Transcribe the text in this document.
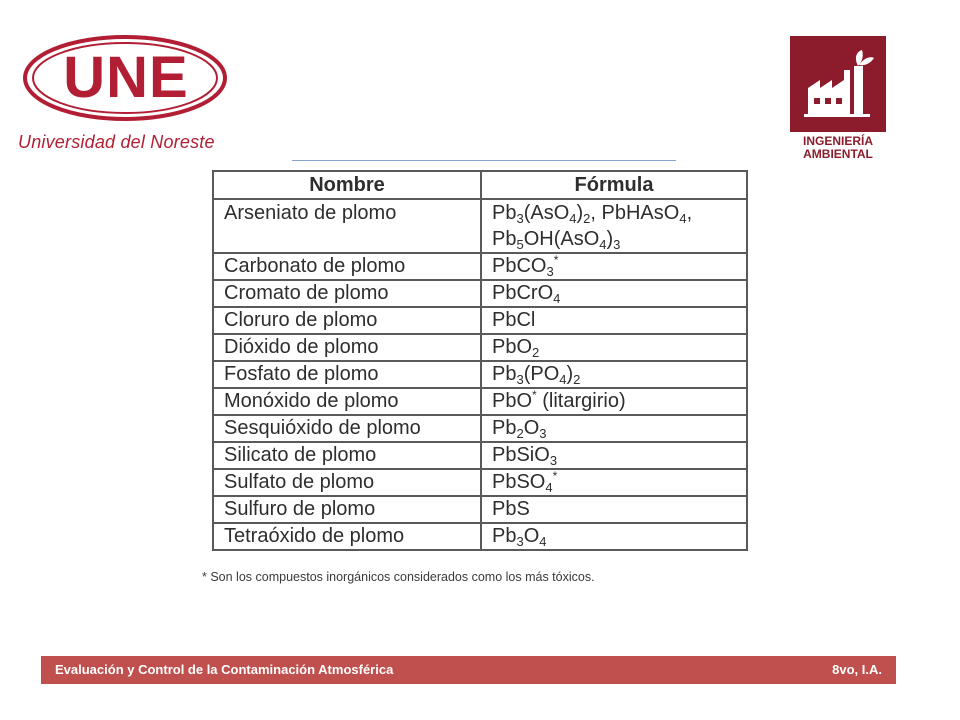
UNE
Universidad del Noreste	INGENIERÍA
AMBIENTAL
Nombre	Fórmula
Arseniato de plomo	$Pb_3(AsO_4)_2$, PbHAsO$_4$,
$Pb_5OH(AsO_4)_3$
Carbonato de plomo	PbCO$_3$*
Cromato de plomo	PbCrO$_4$
Cloruro de plomo	PbCl
Dióxido de plomo	PbO$_2$
Fosfato de plomo	$Pb_3(PO_4)_2$
Monóxido de plomo	PbO* (litargirio)
Sesquióxido de plomo	$Pb_2O_3$
Silicato de plomo	PbSiO$_3$
Sulfato de plomo	PbSO$_4$*
Sulfuro de plomo	PbS
Tetraóxido de plomo	$Pb_3O_4$
* Son los compuestos inorgánicos considerados como los más tóxicos.
Evaluación y Control de la Contaminación Atmosférica	8vo, I.A.
